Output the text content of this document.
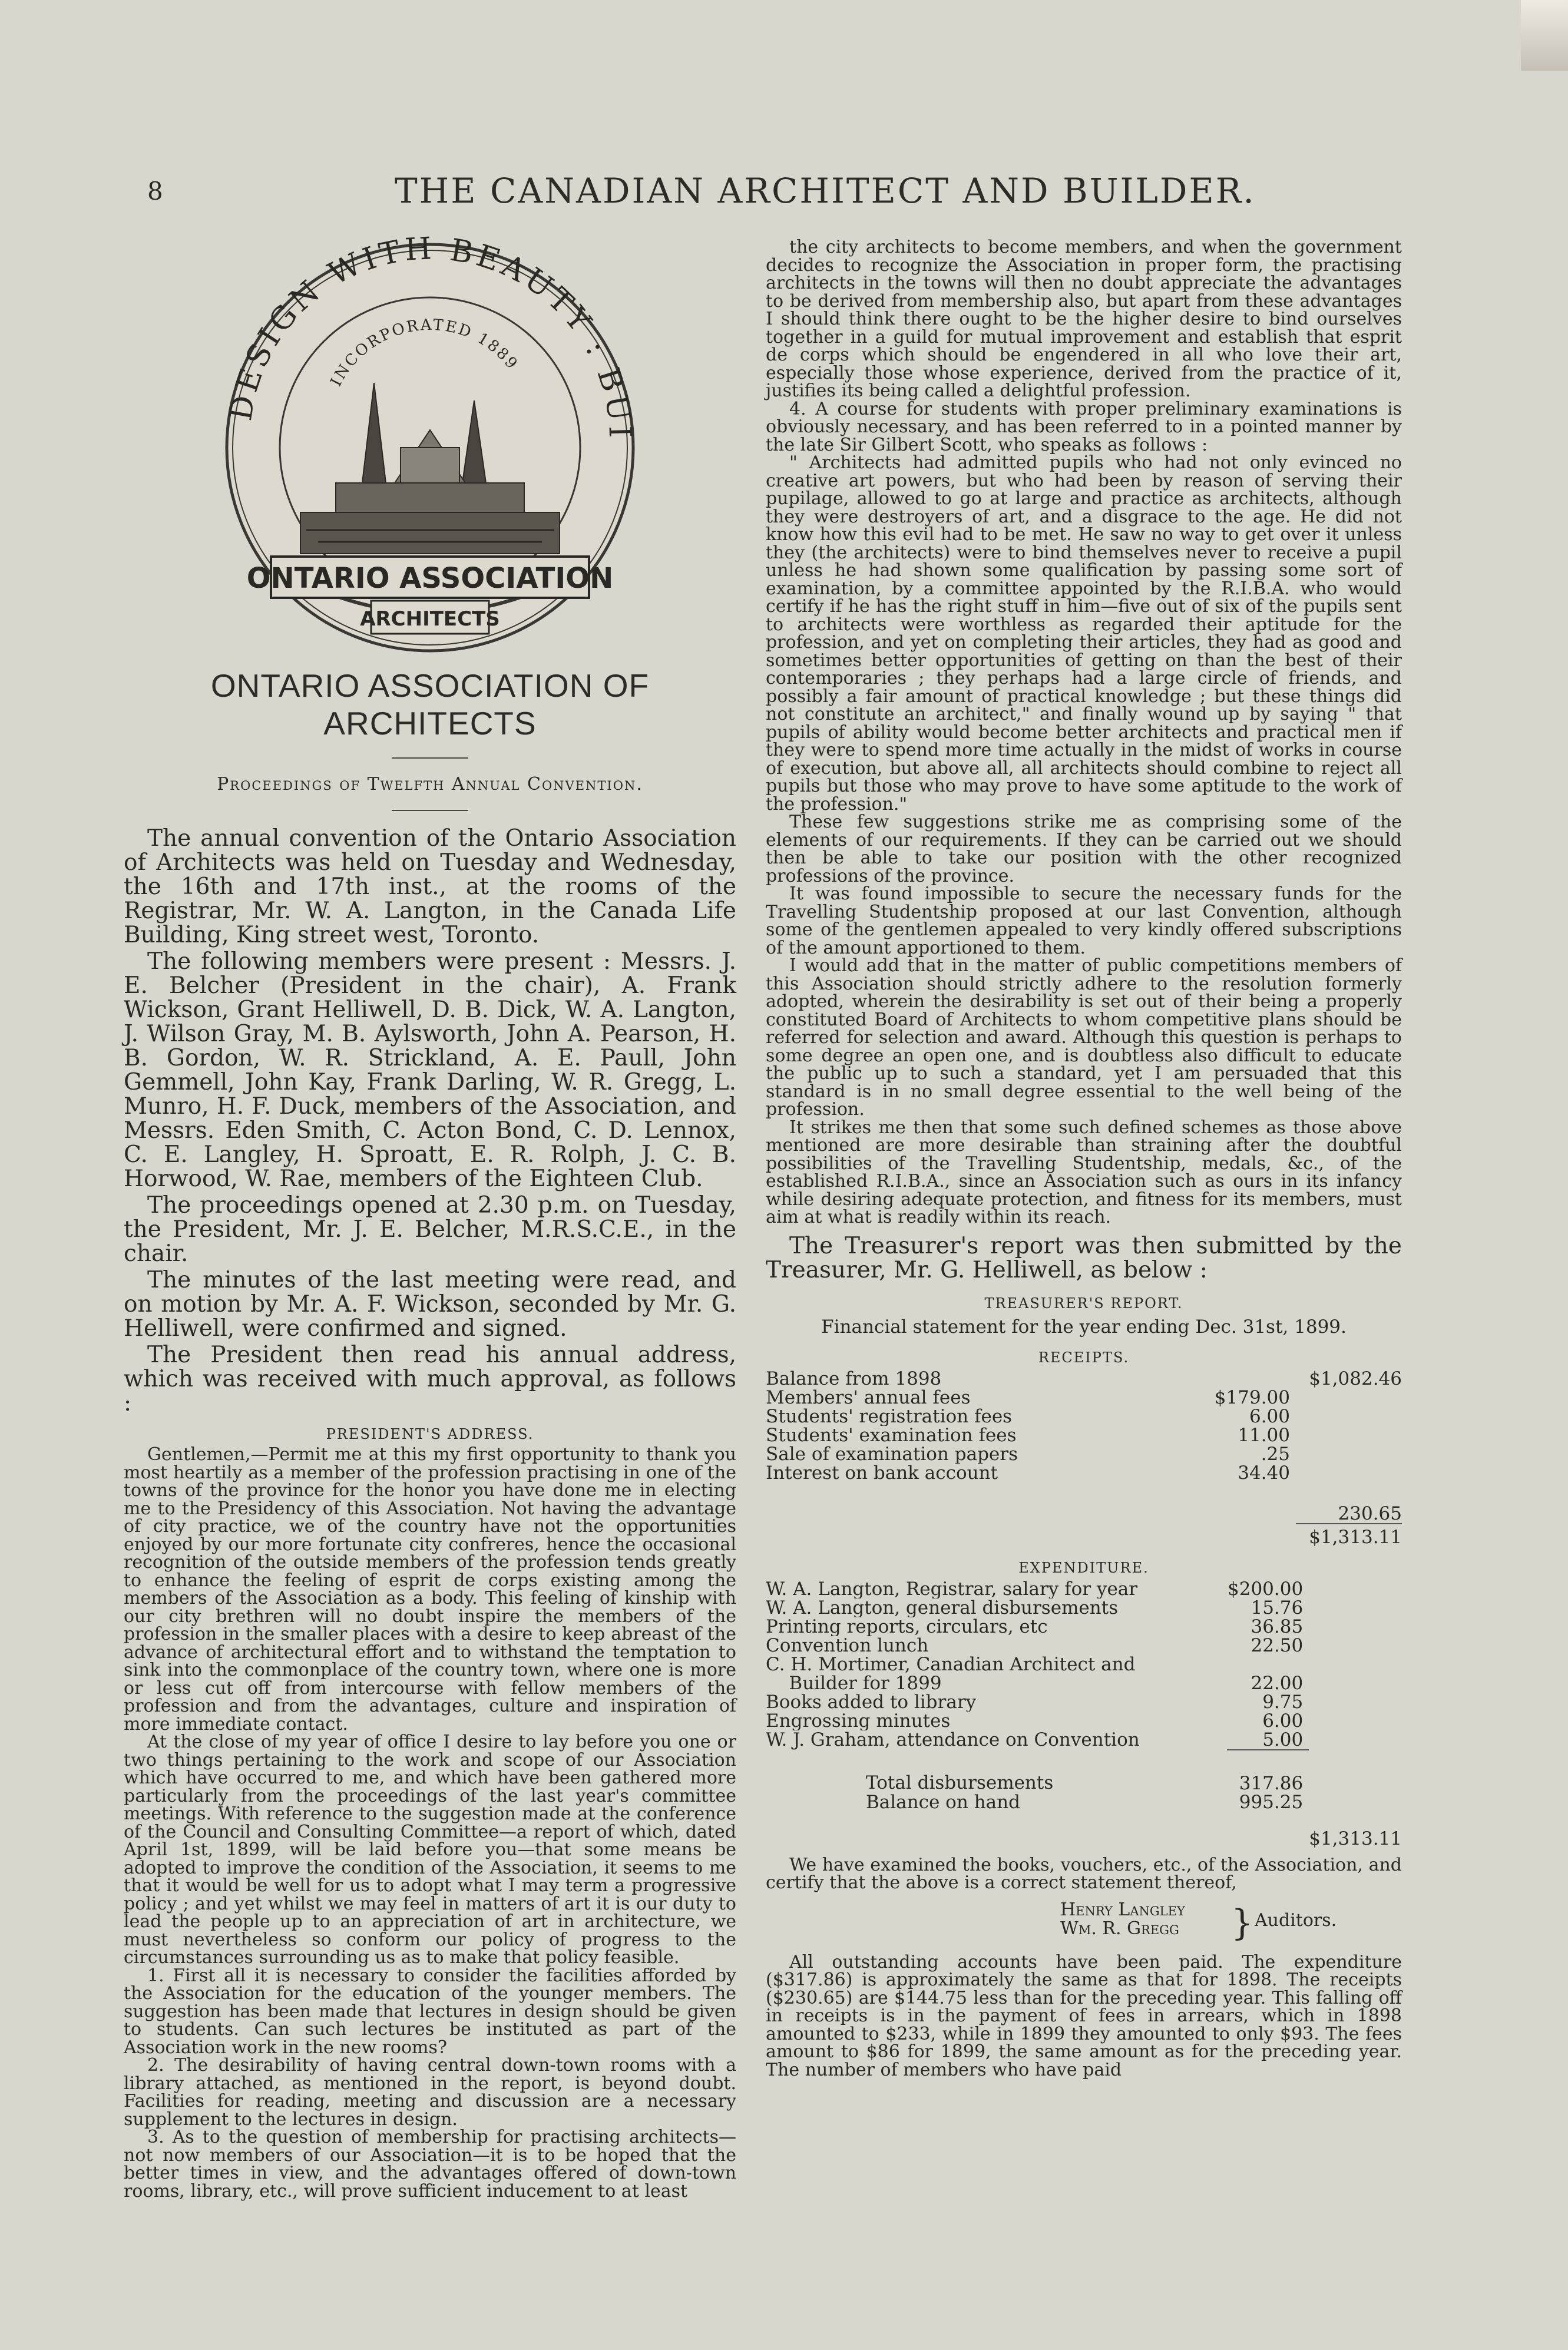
8	THE CANADIAN ARCHITECT AND BUILDER.
DESIGN WITH BEAUTY : BUI
INCORPORATED 1889
ONTARIO ASSOCIATION
ARCHITECTS
ONTARIO ASSOCIATION OF ARCHITECTS
Proceedings of Twelfth Annual Convention.

The annual convention of the Ontario Association of Architects was held on Tuesday and Wednesday, the 16th and 17th inst., at the rooms of the Registrar, Mr. W. A. Langton, in the Canada Life Building, King street west, Toronto.

The following members were present : Messrs. J. E. Belcher (President in the chair), A. Frank Wickson, Grant Helliwell, D. B. Dick, W. A. Langton, J. Wilson Gray, M. B. Aylsworth, John A. Pearson, H. B. Gordon, W. R. Strickland, A. E. Paull, John Gemmell, John Kay, Frank Darling, W. R. Gregg, L. Munro, H. F. Duck, members of the Association, and Messrs. Eden Smith, C. Acton Bond, C. D. Lennox, C. E. Langley, H. Sproatt, E. R. Rolph, J. C. B. Horwood, W. Rae, members of the Eighteen Club.

The proceedings opened at 2.30 p.m. on Tuesday, the President, Mr. J. E. Belcher, M.R.S.C.E., in the chair.

The minutes of the last meeting were read, and on motion by Mr. A. F. Wickson, seconded by Mr. G. Helliwell, were confirmed and signed.

The President then read his annual address, which was received with much approval, as follows :

PRESIDENT'S ADDRESS.

Gentlemen,—Permit me at this my first opportunity to thank you most heartily as a member of the profession practising in one of the towns of the province for the honor you have done me in electing me to the Presidency of this Association. Not having the advantage of city practice, we of the country have not the opportunities enjoyed by our more fortunate city confreres, hence the occasional recognition of the outside members of the profession tends greatly to enhance the feeling of esprit de corps existing among the members of the Association as a body. This feeling of kinship with our city brethren will no doubt inspire the members of the profession in the smaller places with a desire to keep abreast of the advance of architectural effort and to withstand the temptation to sink into the commonplace of the country town, where one is more or less cut off from intercourse with fellow members of the profession and from the advantages, culture and inspiration of more immediate contact.

At the close of my year of office I desire to lay before you one or two things pertaining to the work and scope of our Association which have occurred to me, and which have been gathered more particularly from the proceedings of the last year's committee meetings. With reference to the suggestion made at the conference of the Council and Consulting Committee—a report of which, dated April 1st, 1899, will be laid before you—that some means be adopted to improve the condition of the Association, it seems to me that it would be well for us to adopt what I may term a progressive policy ; and yet whilst we may feel in matters of art it is our duty to lead the people up to an appreciation of art in architecture, we must nevertheless so conform our policy of progress to the circumstances surrounding us as to make that policy feasible.

1. First all it is necessary to consider the facilities afforded by the Association for the education of the younger members. The suggestion has been made that lectures in design should be given to students. Can such lectures be instituted as part of the Association work in the new rooms?

2. The desirability of having central down-town rooms with a library attached, as mentioned in the report, is beyond doubt. Facilities for reading, meeting and discussion are a necessary supplement to the lectures in design.

3. As to the question of membership for practising architects—not now members of our Association—it is to be hoped that the better times in view, and the advantages offered of down-town rooms, library, etc., will prove sufficient inducement to at least

the city architects to become members, and when the government decides to recognize the Association in proper form, the practising architects in the towns will then no doubt appreciate the advantages to be derived from membership also, but apart from these advantages I should think there ought to be the higher desire to bind ourselves together in a guild for mutual improvement and establish that esprit de corps which should be engendered in all who love their art, especially those whose experience, derived from the practice of it, justifies its being called a delightful profession.

4. A course for students with proper preliminary examinations is obviously necessary, and has been referred to in a pointed manner by the late Sir Gilbert Scott, who speaks as follows :

" Architects had admitted pupils who had not only evinced no creative art powers, but who had been by reason of serving their pupilage, allowed to go at large and practice as architects, although they were destroyers of art, and a disgrace to the age. He did not know how this evil had to be met. He saw no way to get over it unless they (the architects) were to bind themselves never to receive a pupil unless he had shown some qualification by passing some sort of examination, by a committee appointed by the R.I.B.A. who would certify if he has the right stuff in him—five out of six of the pupils sent to architects were worthless as regarded their aptitude for the profession, and yet on completing their articles, they had as good and sometimes better opportunities of getting on than the best of their contemporaries ; they perhaps had a large circle of friends, and possibly a fair amount of practical knowledge ; but these things did not constitute an architect," and finally wound up by saying " that pupils of ability would become better architects and practical men if they were to spend more time actually in the midst of works in course of execution, but above all, all architects should combine to reject all pupils but those who may prove to have some aptitude to the work of the profession."

These few suggestions strike me as comprising some of the elements of our requirements. If they can be carried out we should then be able to take our position with the other recognized professions of the province.

It was found impossible to secure the necessary funds for the Travelling Studentship proposed at our last Convention, although some of the gentlemen appealed to very kindly offered subscriptions of the amount apportioned to them.

I would add that in the matter of public competitions members of this Association should strictly adhere to the resolution formerly adopted, wherein the desirability is set out of their being a properly constituted Board of Architects to whom competitive plans should be referred for selection and award. Although this question is perhaps to some degree an open one, and is doubtless also difficult to educate the public up to such a standard, yet I am persuaded that this standard is in no small degree essential to the well being of the profession.

It strikes me then that some such defined schemes as those above mentioned are more desirable than straining after the doubtful possibilities of the Travelling Studentship, medals, &c., of the established R.I.B.A., since an Association such as ours in its infancy while desiring adequate protection, and fitness for its members, must aim at what is readily within its reach.

The Treasurer's report was then submitted by the Treasurer, Mr. G. Helliwell, as below :

TREASURER'S REPORT.
Financial statement for the year ending Dec. 31st, 1899.
RECEIPTS.
Balance from 1898		$1,082.46
Members' annual fees	$179.00	
Students' registration fees	6.00	
Students' examination fees	11.00	
Sale of examination papers	.25	
Interest on bank account	34.40	
		230.65
		$1,313.11
EXPENDITURE.
W. A. Langton, Registrar, salary for year	$200.00	
W. A. Langton, general disbursements	15.76	
Printing reports, circulars, etc	36.85	
Convention lunch	22.50	
C. H. Mortimer, Canadian Architect and		
Builder for 1899	22.00	
Books added to library	9.75	
Engrossing minutes	6.00	
W. J. Graham, attendance on Convention	5.00	
Total disbursements	317.86	
Balance on hand	995.25	
		$1,313.11

We have examined the books, vouchers, etc., of the Association, and certify that the above is a correct statement thereof,

Henry Langley
Wm. R. Gregg } Auditors.

All outstanding accounts have been paid. The expenditure ($317.86) is approximately the same as that for 1898. The receipts ($230.65) are $144.75 less than for the preceding year. This falling off in receipts is in the payment of fees in arrears, which in 1898 amounted to $233, while in 1899 they amounted to only $93. The fees amount to $86 for 1899, the same amount as for the preceding year. The number of members who have paid
